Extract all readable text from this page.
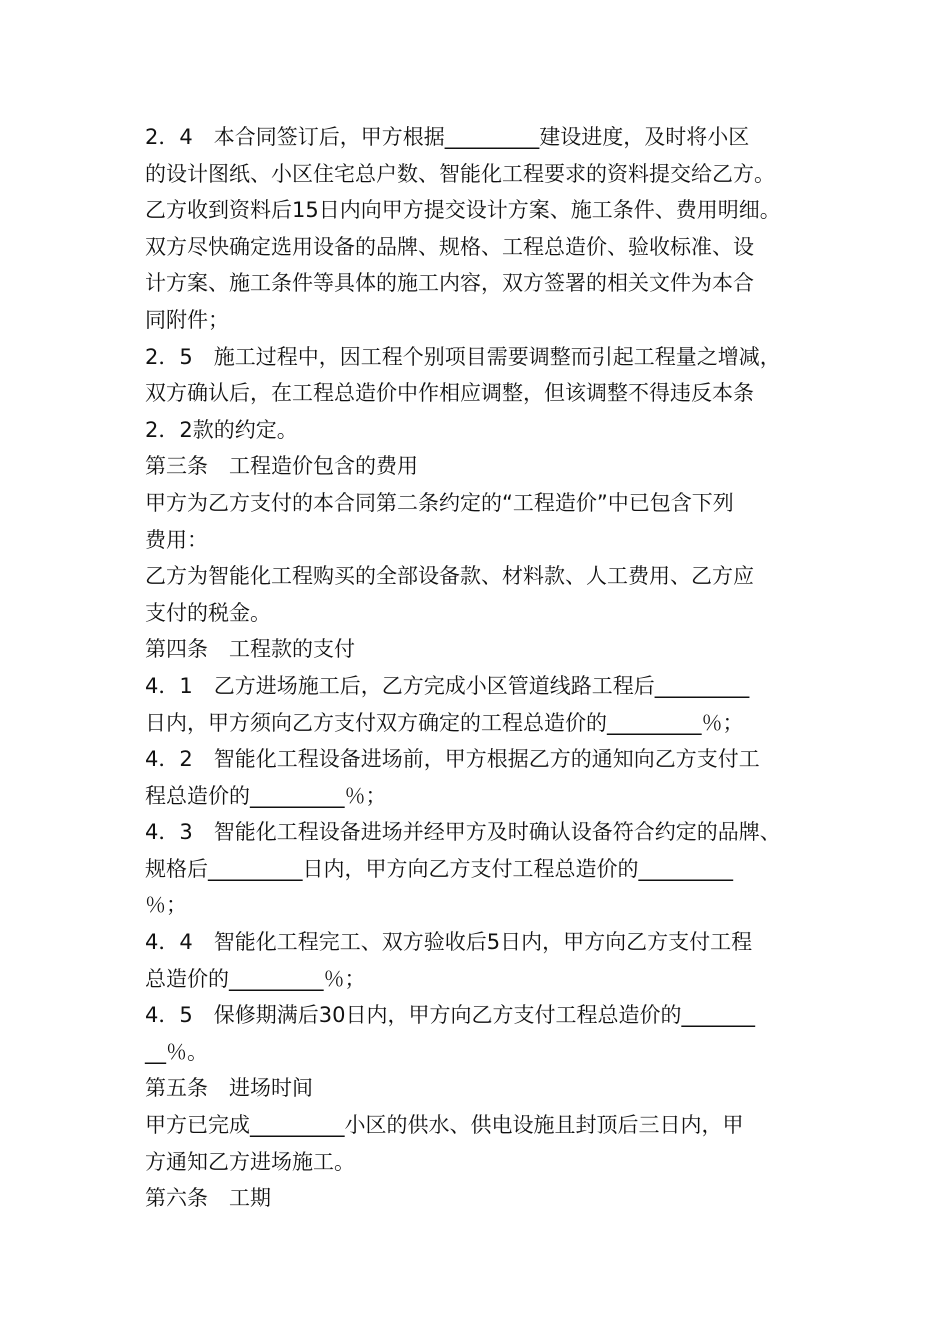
2．4　本合同签订后，甲方根据_________建设进度，及时将小区
的设计图纸、小区住宅总户数、智能化工程要求的资料提交给乙方。
乙方收到资料后15日内向甲方提交设计方案、施工条件、费用明细。
双方尽快确定选用设备的品牌、规格、工程总造价、验收标准、设
计方案、施工条件等具体的施工内容，双方签署的相关文件为本合
同附件；
2．5　施工过程中，因工程个别项目需要调整而引起工程量之增减，
双方确认后，在工程总造价中作相应调整，但该调整不得违反本条
2．2款的约定。
第三条　工程造价包含的费用
甲方为乙方支付的本合同第二条约定的“工程造价”中已包含下列
费用：
乙方为智能化工程购买的全部设备款、材料款、人工费用、乙方应
支付的税金。
第四条　工程款的支付
4．1　乙方进场施工后，乙方完成小区管道线路工程后_________
日内，甲方须向乙方支付双方确定的工程总造价的_________％；
4．2　智能化工程设备进场前，甲方根据乙方的通知向乙方支付工
程总造价的_________％；
4．3　智能化工程设备进场并经甲方及时确认设备符合约定的品牌、
规格后_________日内，甲方向乙方支付工程总造价的_________
％；
4．4　智能化工程完工、双方验收后5日内，甲方向乙方支付工程
总造价的_________％；
4．5　保修期满后30日内，甲方向乙方支付工程总造价的_______
__％。
第五条　进场时间
甲方已完成_________小区的供水、供电设施且封顶后三日内，甲
方通知乙方进场施工。
第六条　工期
